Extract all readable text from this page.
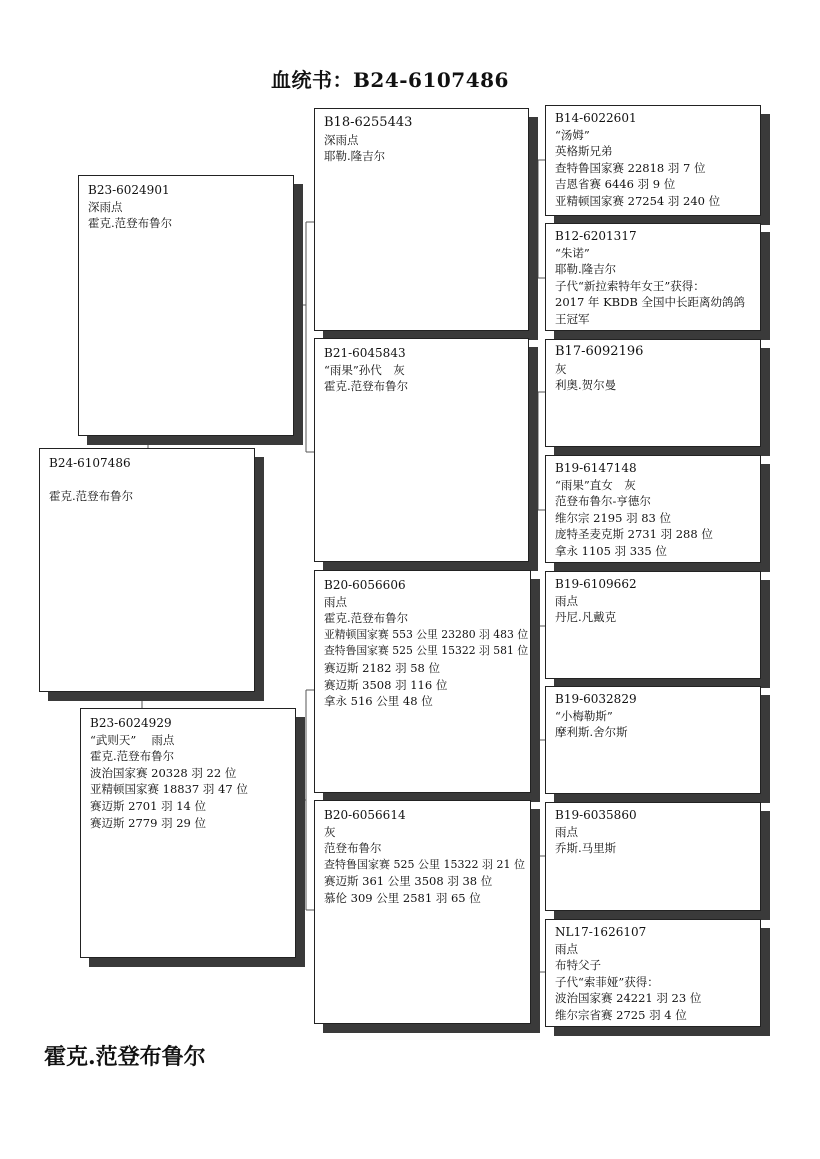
血统书：B24-6107486
B24-6107486
霍克.范登布鲁尔
B23-6024901
深雨点
霍克.范登布鲁尔
B23-6024929
“武则天”　 雨点
霍克.范登布鲁尔
波治国家赛 20328 羽 22 位
亚精顿国家赛 18837 羽 47 位
赛迈斯 2701 羽 14 位
赛迈斯 2779 羽 29 位
B18-6255443
深雨点
耶勒.隆吉尔
B21-6045843
“雨果”孙代　灰
霍克.范登布鲁尔
B20-6056606
雨点
霍克.范登布鲁尔
亚精顿国家赛 553 公里 23280 羽 483 位
查特鲁国家赛 525 公里 15322 羽 581 位
赛迈斯 2182 羽 58 位
赛迈斯 3508 羽 116 位
拿永 516 公里 48 位
B20-6056614
灰
范登布鲁尔
查特鲁国家赛 525 公里 15322 羽 21 位
赛迈斯 361 公里 3508 羽 38 位
慕伦 309 公里 2581 羽 65 位
B14-6022601
“汤姆”
英格斯兄弟
查特鲁国家赛 22818 羽 7 位
吉恩省赛 6446 羽 9 位
亚精顿国家赛 27254 羽 240 位
B12-6201317
“朱诺”
耶勒.隆吉尔
子代“新拉索特年女王”获得：
2017 年 KBDB 全国中长距离幼鸽鸽
王冠军
B17-6092196
灰
利奥.贺尔曼
B19-6147148
“雨果”直女　灰
范登布鲁尔-亨德尔
维尔宗 2195 羽 83 位
庞特圣麦克斯 2731 羽 288 位
拿永 1105 羽 335 位
B19-6109662
雨点
丹尼.凡戴克
B19-6032829
“小梅勒斯”
摩利斯.舍尔斯
B19-6035860
雨点
乔斯.马里斯
NL17-1626107
雨点
布特父子
子代“索菲娅”获得：
波治国家赛 24221 羽 23 位
维尔宗省赛 2725 羽 4 位
霍克.范登布鲁尔
